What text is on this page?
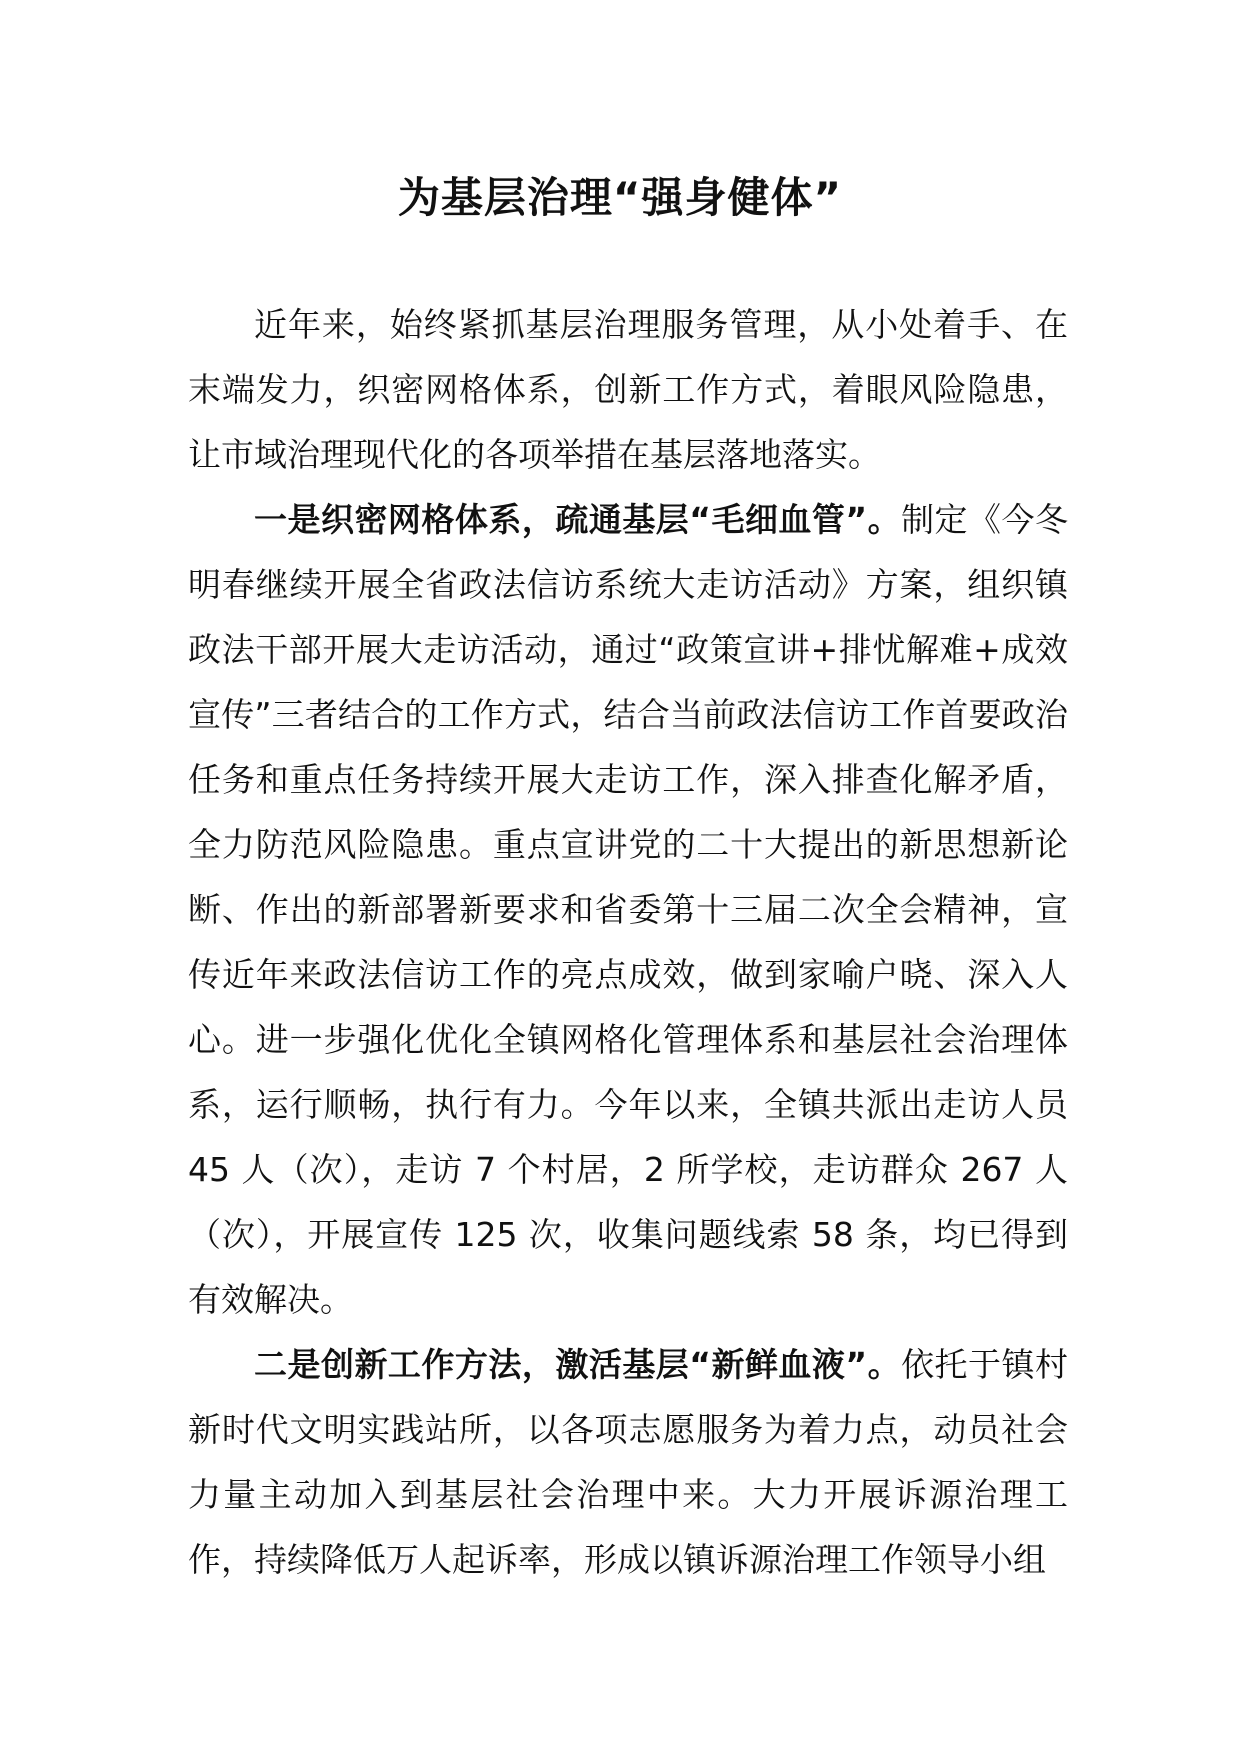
为基层治理“强身健体”

近年来，始终紧抓基层治理服务管理，从小处着手、在末端发力，织密网格体系，创新工作方式，着眼风险隐患，让市域治理现代化的各项举措在基层落地落实。

一是织密网格体系，疏通基层“毛细血管”。制定《今冬明春继续开展全省政法信访系统大走访活动》方案，组织镇政法干部开展大走访活动，通过“政策宣讲+排忧解难+成效宣传”三者结合的工作方式，结合当前政法信访工作首要政治任务和重点任务持续开展大走访工作，深入排查化解矛盾，全力防范风险隐患。重点宣讲党的二十大提出的新思想新论断、作出的新部署新要求和省委第十三届二次全会精神，宣传近年来政法信访工作的亮点成效，做到家喻户晓、深入人心。进一步强化优化全镇网格化管理体系和基层社会治理体系，运行顺畅，执行有力。今年以来，全镇共派出走访人员 45 人（次），走访 7 个村居，2 所学校，走访群众 267 人（次），开展宣传 125 次，收集问题线索 58 条，均已得到有效解决。

二是创新工作方法，激活基层“新鲜血液”。依托于镇村新时代文明实践站所，以各项志愿服务为着力点，动员社会力量主动加入到基层社会治理中来。大力开展诉源治理工作，持续降低万人起诉率，形成以镇诉源治理工作领导小组
